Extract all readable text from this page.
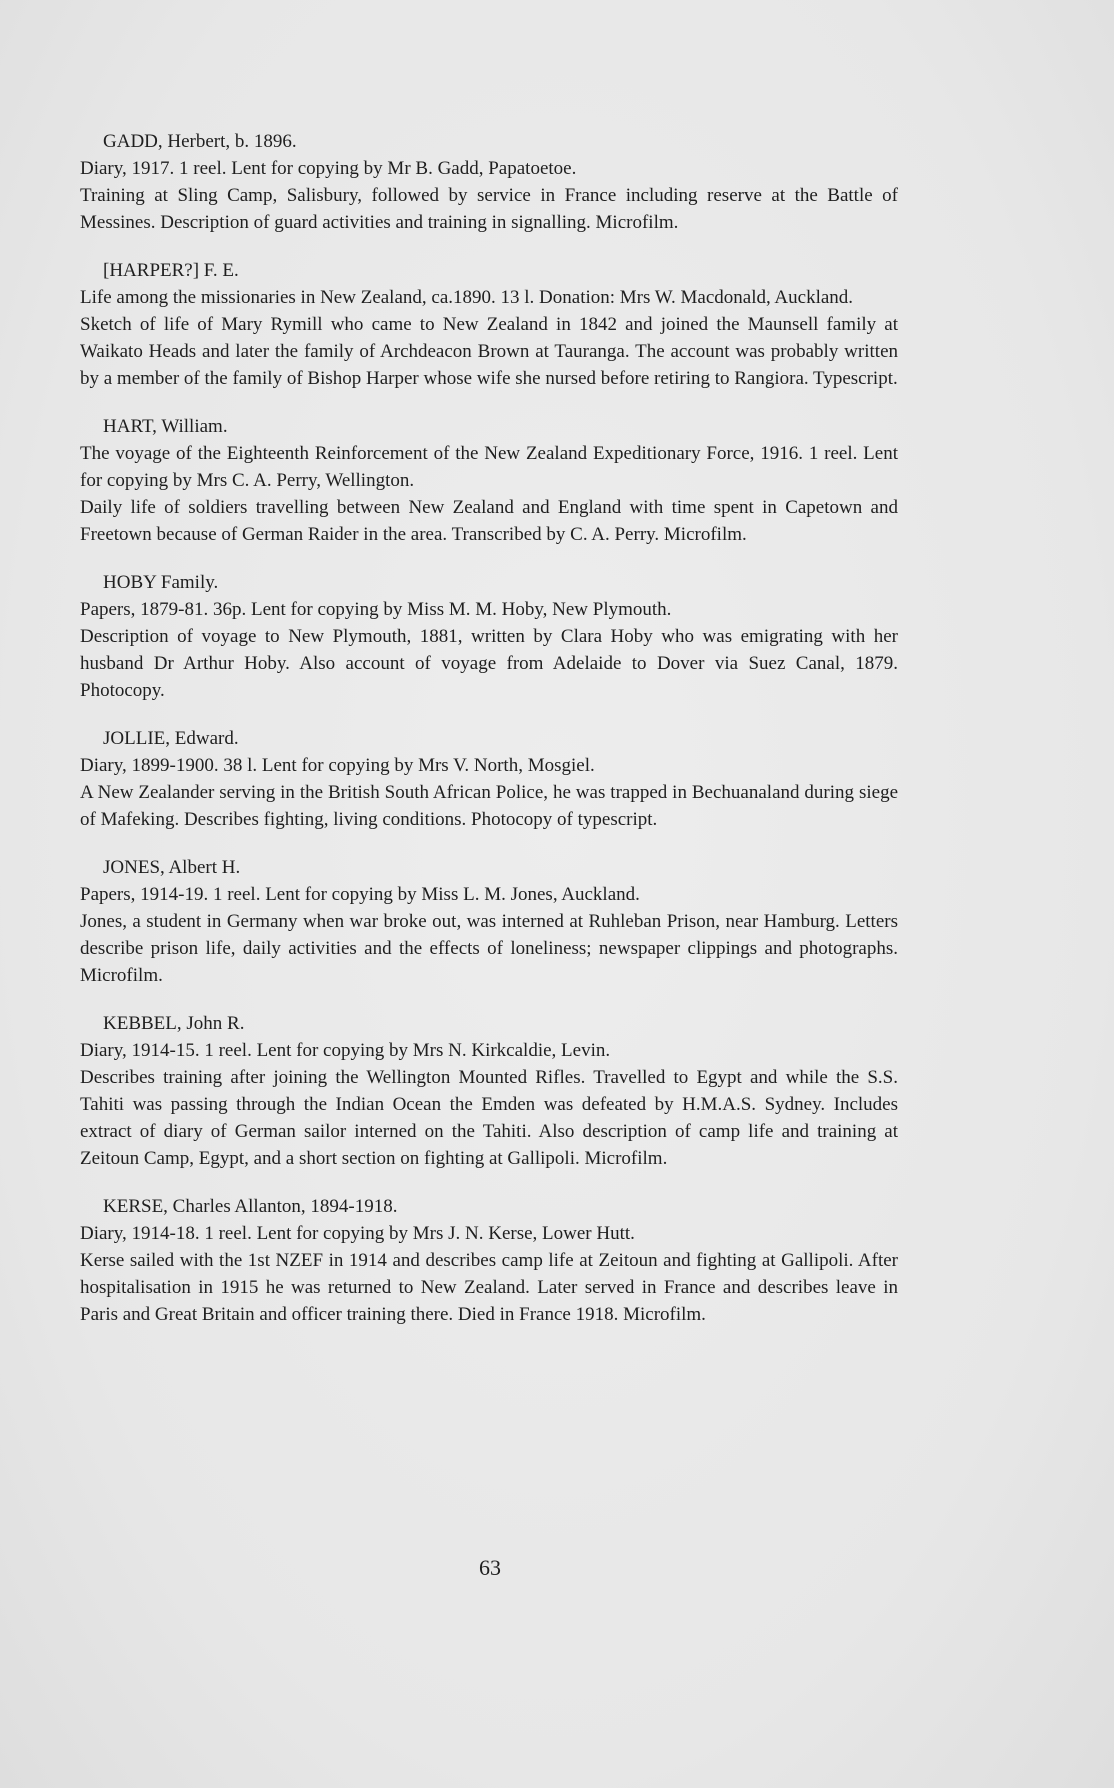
GADD, Herbert, b. 1896.

Diary, 1917. 1 reel. Lent for copying by Mr B. Gadd, Papatoetoe.

Training at Sling Camp, Salisbury, followed by service in France including reserve at the Battle of Messines. Description of guard activities and training in signalling. Microfilm.

[HARPER?] F. E.

Life among the missionaries in New Zealand, ca.1890. 13 l. Donation: Mrs W. Macdonald, Auckland.

Sketch of life of Mary Rymill who came to New Zealand in 1842 and joined the Maunsell family at Waikato Heads and later the family of Archdeacon Brown at Tauranga. The account was probably written by a member of the family of Bishop Harper whose wife she nursed before retiring to Rangiora. Typescript.

HART, William.

The voyage of the Eighteenth Reinforcement of the New Zealand Expeditionary Force, 1916. 1 reel. Lent for copying by Mrs C. A. Perry, Wellington.

Daily life of soldiers travelling between New Zealand and England with time spent in Capetown and Freetown because of German Raider in the area. Transcribed by C. A. Perry. Microfilm.

HOBY Family.

Papers, 1879-81. 36p. Lent for copying by Miss M. M. Hoby, New Plymouth.

Description of voyage to New Plymouth, 1881, written by Clara Hoby who was emigrating with her husband Dr Arthur Hoby. Also account of voyage from Adelaide to Dover via Suez Canal, 1879. Photocopy.

JOLLIE, Edward.

Diary, 1899-1900. 38 l. Lent for copying by Mrs V. North, Mosgiel.

A New Zealander serving in the British South African Police, he was trapped in Bechuanaland during siege of Mafeking. Describes fighting, living conditions. Photocopy of typescript.

JONES, Albert H.

Papers, 1914-19. 1 reel. Lent for copying by Miss L. M. Jones, Auckland.

Jones, a student in Germany when war broke out, was interned at Ruhleban Prison, near Hamburg. Letters describe prison life, daily activities and the effects of loneliness; newspaper clippings and photographs. Microfilm.

KEBBEL, John R.

Diary, 1914-15. 1 reel. Lent for copying by Mrs N. Kirkcaldie, Levin.

Describes training after joining the Wellington Mounted Rifles. Travelled to Egypt and while the S.S. Tahiti was passing through the Indian Ocean the Emden was defeated by H.M.A.S. Sydney. Includes extract of diary of German sailor interned on the Tahiti. Also description of camp life and training at Zeitoun Camp, Egypt, and a short section on fighting at Gallipoli. Microfilm.

KERSE, Charles Allanton, 1894-1918.

Diary, 1914-18. 1 reel. Lent for copying by Mrs J. N. Kerse, Lower Hutt.

Kerse sailed with the 1st NZEF in 1914 and describes camp life at Zeitoun and fighting at Gallipoli. After hospitalisation in 1915 he was returned to New Zealand. Later served in France and describes leave in Paris and Great Britain and officer training there. Died in France 1918. Microfilm.

63
